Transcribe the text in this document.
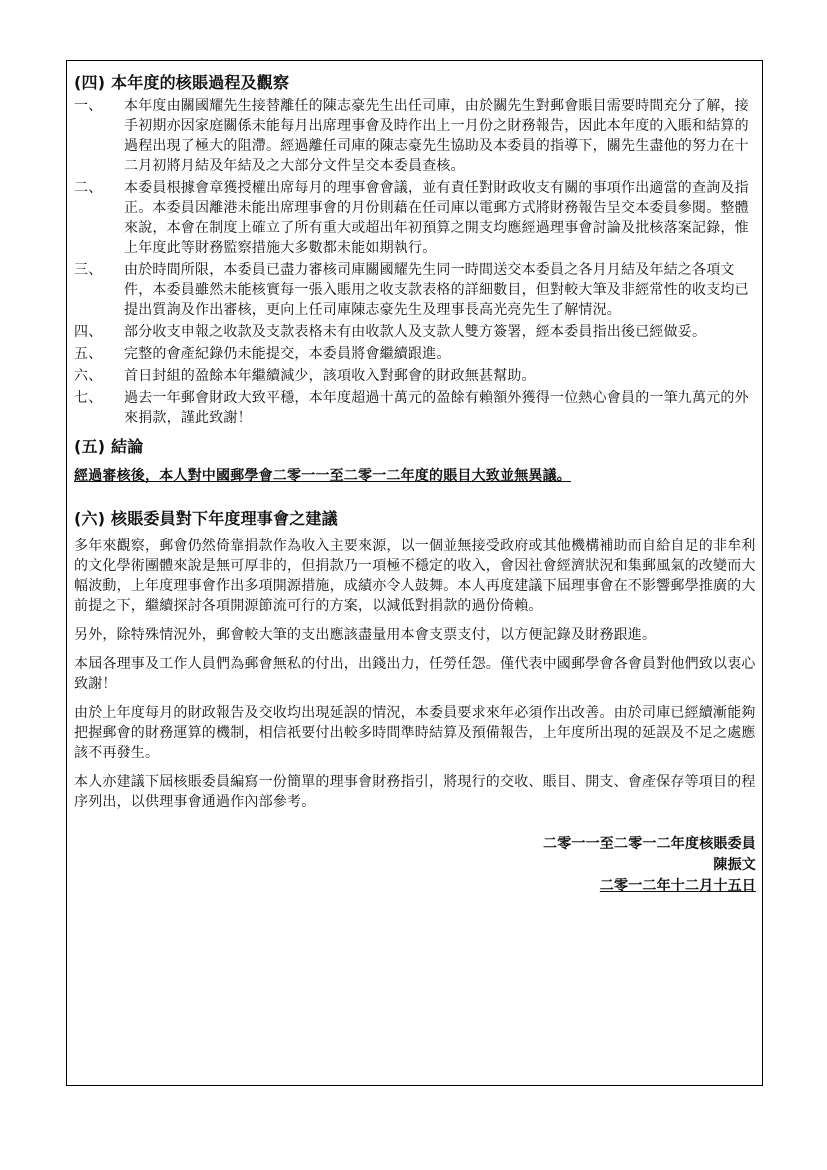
(四) 本年度的核賬過程及觀察
一、	本年度由關國耀先生接替離任的陳志豪先生出任司庫，由於關先生對郵會賬目需要時間充分了解，接手初期亦因家庭關係未能每月出席理事會及時作出上一月份之財務報告，因此本年度的入賬和結算的過程出現了極大的阻滯。經過離任司庫的陳志豪先生協助及本委員的指導下，關先生盡他的努力在十二月初將月結及年結及之大部分文件呈交本委員查核。
二、	本委員根據會章獲授權出席每月的理事會會議，並有責任對財政收支有關的事項作出適當的查詢及指正。本委員因離港未能出席理事會的月份則藉在任司庫以電郵方式將財務報告呈交本委員參閱。整體來說，本會在制度上確立了所有重大或超出年初預算之開支均應經過理事會討論及批核落案記錄，惟上年度此等財務監察措施大多數都未能如期執行。
三、	由於時間所限，本委員已盡力審核司庫關國耀先生同一時間送交本委員之各月月結及年結之各項文件，本委員雖然未能核實每一張入賬用之收支款表格的詳細數目，但對較大筆及非經常性的收支均已提出質詢及作出審核，更向上任司庫陳志豪先生及理事長高光亮先生了解情況。
四、	部分收支申報之收款及支款表格未有由收款人及支款人雙方簽署，經本委員指出後已經做妥。
五、	完整的會產紀錄仍未能提交，本委員將會繼續跟進。
六、	首日封組的盈餘本年繼續減少，該項收入對郵會的財政無甚幫助。
七、	過去一年郵會財政大致平穩，本年度超過十萬元的盈餘有賴額外獲得一位熱心會員的一筆九萬元的外來捐款，謹此致謝！
(五) 結論
經過審核後，本人對中國郵學會二零一一至二零一二年度的賬目大致並無異議。
(六) 核賬委員對下年度理事會之建議

多年來觀察，郵會仍然倚靠捐款作為收入主要來源，以一個並無接受政府或其他機構補助而自給自足的非牟利的文化學術團體來說是無可厚非的，但捐款乃一項極不穩定的收入，會因社會經濟狀況和集郵風氣的改變而大幅波動，上年度理事會作出多項開源措施，成績亦令人鼓舞。本人再度建議下屆理事會在不影響郵學推廣的大前提之下，繼續探討各項開源節流可行的方案，以減低對捐款的過份倚賴。

另外，除特殊情況外，郵會較大筆的支出應該盡量用本會支票支付，以方便記錄及財務跟進。

本屆各理事及工作人員們為郵會無私的付出，出錢出力，任勞任怨。僅代表中國郵學會各會員對他們致以衷心致謝！

由於上年度每月的財政報告及交收均出現延誤的情況，本委員要求來年必須作出改善。由於司庫已經續漸能夠把握郵會的財務運算的機制，相信祇要付出較多時間準時結算及預備報告，上年度所出現的延誤及不足之處應該不再發生。

本人亦建議下屆核賬委員編寫一份簡單的理事會財務指引，將現行的交收、賬目、開支、會產保存等項目的程序列出，以供理事會通過作內部參考。

二零一一至二零一二年度核賬委員
陳振文
二零一二年十二月十五日
